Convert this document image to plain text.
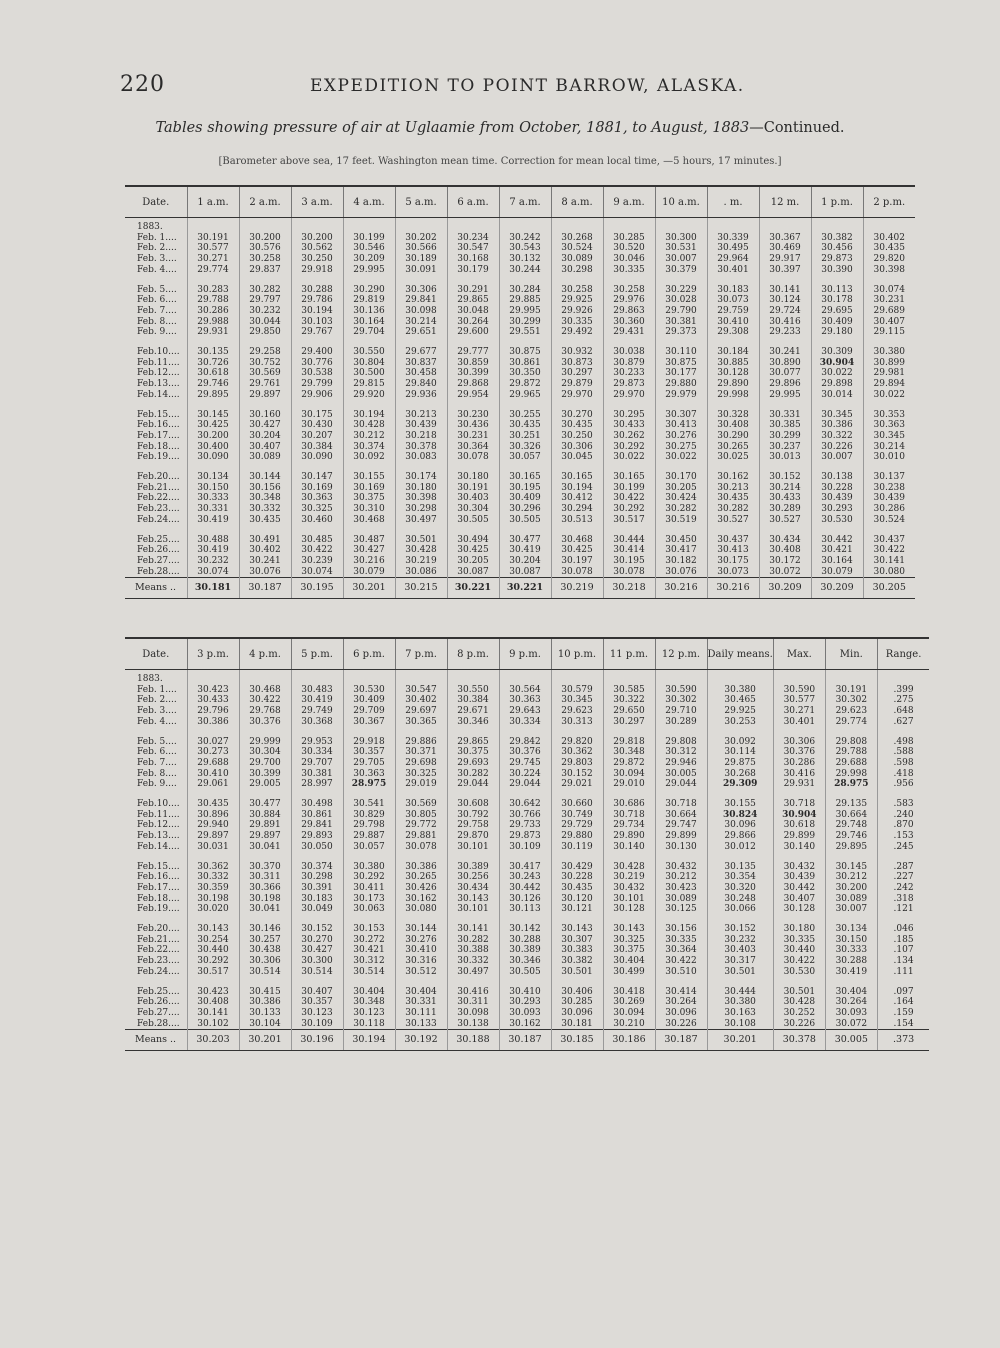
220	EXPEDITION TO POINT BARROW, ALASKA.
Tables showing pressure of air at Uglaamie from October, 1881, to August, 1883—Continued.
[Barometer above sea, 17 feet. Washington mean time. Correction for mean local time, —5 hours, 17 minutes.]
Date.	1 a.m.	2 a.m.	3 a.m.	4 a.m.	5 a.m.	6 a.m.	7 a.m.	8 a.m.	9 a.m.	10 a.m.	. m.	12 m.	1 p.m.	2 p.m.
1883.														
Feb. 1....	30.191	30.200	30.200	30.199	30.202	30.234	30.242	30.268	30.285	30.300	30.339	30.367	30.382	30.402
Feb. 2....	30.577	30.576	30.562	30.546	30.566	30.547	30.543	30.524	30.520	30.531	30.495	30.469	30.456	30.435
Feb. 3....	30.271	30.258	30.250	30.209	30.189	30.168	30.132	30.089	30.046	30.007	29.964	29.917	29.873	29.820
Feb. 4....	29.774	29.837	29.918	29.995	30.091	30.179	30.244	30.298	30.335	30.379	30.401	30.397	30.390	30.398

Feb. 5....	30.283	30.282	30.288	30.290	30.306	30.291	30.284	30.258	30.258	30.229	30.183	30.141	30.113	30.074
Feb. 6....	29.788	29.797	29.786	29.819	29.841	29.865	29.885	29.925	29.976	30.028	30.073	30.124	30.178	30.231
Feb. 7....	30.286	30.232	30.194	30.136	30.098	30.048	29.995	29.926	29.863	29.790	29.759	29.724	29.695	29.689
Feb. 8....	29.988	30.044	30.103	30.164	30.214	30.264	30.299	30.335	30.360	30.381	30.410	30.416	30.409	30.407
Feb. 9....	29.931	29.850	29.767	29.704	29.651	29.600	29.551	29.492	29.431	29.373	29.308	29.233	29.180	29.115

Feb.10....	30.135	29.258	29.400	30.550	29.677	29.777	30.875	30.932	30.038	30.110	30.184	30.241	30.309	30.380
Feb.11....	30.726	30.752	30.776	30.804	30.837	30.859	30.861	30.873	30.879	30.875	30.885	30.890	30.904	30.899
Feb.12....	30.618	30.569	30.538	30.500	30.458	30.399	30.350	30.297	30.233	30.177	30.128	30.077	30.022	29.981
Feb.13....	29.746	29.761	29.799	29.815	29.840	29.868	29.872	29.879	29.873	29.880	29.890	29.896	29.898	29.894
Feb.14....	29.895	29.897	29.906	29.920	29.936	29.954	29.965	29.970	29.970	29.979	29.998	29.995	30.014	30.022

Feb.15....	30.145	30.160	30.175	30.194	30.213	30.230	30.255	30.270	30.295	30.307	30.328	30.331	30.345	30.353
Feb.16....	30.425	30.427	30.430	30.428	30.439	30.436	30.435	30.435	30.433	30.413	30.408	30.385	30.386	30.363
Feb.17....	30.200	30.204	30.207	30.212	30.218	30.231	30.251	30.250	30.262	30.276	30.290	30.299	30.322	30.345
Feb.18....	30.400	30.407	30.384	30.374	30.378	30.364	30.326	30.306	30.292	30.275	30.265	30.237	30.226	30.214
Feb.19....	30.090	30.089	30.090	30.092	30.083	30.078	30.057	30.045	30.022	30.022	30.025	30.013	30.007	30.010

Feb.20....	30.134	30.144	30.147	30.155	30.174	30.180	30.165	30.165	30.165	30.170	30.162	30.152	30.138	30.137
Feb.21....	30.150	30.156	30.169	30.169	30.180	30.191	30.195	30.194	30.199	30.205	30.213	30.214	30.228	30.238
Feb.22....	30.333	30.348	30.363	30.375	30.398	30.403	30.409	30.412	30.422	30.424	30.435	30.433	30.439	30.439
Feb.23....	30.331	30.332	30.325	30.310	30.298	30.304	30.296	30.294	30.292	30.282	30.282	30.289	30.293	30.286
Feb.24....	30.419	30.435	30.460	30.468	30.497	30.505	30.505	30.513	30.517	30.519	30.527	30.527	30.530	30.524

Feb.25....	30.488	30.491	30.485	30.487	30.501	30.494	30.477	30.468	30.444	30.450	30.437	30.434	30.442	30.437
Feb.26....	30.419	30.402	30.422	30.427	30.428	30.425	30.419	30.425	30.414	30.417	30.413	30.408	30.421	30.422
Feb.27....	30.232	30.241	30.239	30.216	30.219	30.205	30.204	30.197	30.195	30.182	30.175	30.172	30.164	30.141
Feb.28....	30.074	30.076	30.074	30.079	30.086	30.087	30.087	30.078	30.078	30.076	30.073	30.072	30.079	30.080
Means ..	30.181	30.187	30.195	30.201	30.215	30.221	30.221	30.219	30.218	30.216	30.216	30.209	30.209	30.205
Date.	3 p.m.	4 p.m.	5 p.m.	6 p.m.	7 p.m.	8 p.m.	9 p.m.	10 p.m.	11 p.m.	12 p.m.	Daily means.	Max.	Min.	Range.
1883.														
Feb. 1....	30.423	30.468	30.483	30.530	30.547	30.550	30.564	30.579	30.585	30.590	30.380	30.590	30.191	.399
Feb. 2....	30.433	30.422	30.419	30.409	30.402	30.384	30.363	30.345	30.322	30.302	30.465	30.577	30.302	.275
Feb. 3....	29.796	29.768	29.749	29.709	29.697	29.671	29.643	29.623	29.650	29.710	29.925	30.271	29.623	.648
Feb. 4....	30.386	30.376	30.368	30.367	30.365	30.346	30.334	30.313	30.297	30.289	30.253	30.401	29.774	.627

Feb. 5....	30.027	29.999	29.953	29.918	29.886	29.865	29.842	29.820	29.818	29.808	30.092	30.306	29.808	.498
Feb. 6....	30.273	30.304	30.334	30.357	30.371	30.375	30.376	30.362	30.348	30.312	30.114	30.376	29.788	.588
Feb. 7....	29.688	29.700	29.707	29.705	29.698	29.693	29.745	29.803	29.872	29.946	29.875	30.286	29.688	.598
Feb. 8....	30.410	30.399	30.381	30.363	30.325	30.282	30.224	30.152	30.094	30.005	30.268	30.416	29.998	.418
Feb. 9....	29.061	29.005	28.997	28.975	29.019	29.044	29.044	29.021	29.010	29.044	29.309	29.931	28.975	.956

Feb.10....	30.435	30.477	30.498	30.541	30.569	30.608	30.642	30.660	30.686	30.718	30.155	30.718	29.135	.583
Feb.11....	30.896	30.884	30.861	30.829	30.805	30.792	30.766	30.749	30.718	30.664	30.824	30.904	30.664	.240
Feb.12....	29.940	29.891	29.841	29.798	29.772	29.758	29.733	29.729	29.734	29.747	30.096	30.618	29.748	.870
Feb.13....	29.897	29.897	29.893	29.887	29.881	29.870	29.873	29.880	29.890	29.899	29.866	29.899	29.746	.153
Feb.14....	30.031	30.041	30.050	30.057	30.078	30.101	30.109	30.119	30.140	30.130	30.012	30.140	29.895	.245

Feb.15....	30.362	30.370	30.374	30.380	30.386	30.389	30.417	30.429	30.428	30.432	30.135	30.432	30.145	.287
Feb.16....	30.332	30.311	30.298	30.292	30.265	30.256	30.243	30.228	30.219	30.212	30.354	30.439	30.212	.227
Feb.17....	30.359	30.366	30.391	30.411	30.426	30.434	30.442	30.435	30.432	30.423	30.320	30.442	30.200	.242
Feb.18....	30.198	30.198	30.183	30.173	30.162	30.143	30.126	30.120	30.101	30.089	30.248	30.407	30.089	.318
Feb.19....	30.020	30.041	30.049	30.063	30.080	30.101	30.113	30.121	30.128	30.125	30.066	30.128	30.007	.121

Feb.20....	30.143	30.146	30.152	30.153	30.144	30.141	30.142	30.143	30.143	30.156	30.152	30.180	30.134	.046
Feb.21....	30.254	30.257	30.270	30.272	30.276	30.282	30.288	30.307	30.325	30.335	30.232	30.335	30.150	.185
Feb.22....	30.440	30.438	30.427	30.421	30.410	30.388	30.389	30.383	30.375	30.364	30.403	30.440	30.333	.107
Feb.23....	30.292	30.306	30.300	30.312	30.316	30.332	30.346	30.382	30.404	30.422	30.317	30.422	30.288	.134
Feb.24....	30.517	30.514	30.514	30.514	30.512	30.497	30.505	30.501	30.499	30.510	30.501	30.530	30.419	.111

Feb.25....	30.423	30.415	30.407	30.404	30.404	30.416	30.410	30.406	30.418	30.414	30.444	30.501	30.404	.097
Feb.26....	30.408	30.386	30.357	30.348	30.331	30.311	30.293	30.285	30.269	30.264	30.380	30.428	30.264	.164
Feb.27....	30.141	30.133	30.123	30.123	30.111	30.098	30.093	30.096	30.094	30.096	30.163	30.252	30.093	.159
Feb.28....	30.102	30.104	30.109	30.118	30.133	30.138	30.162	30.181	30.210	30.226	30.108	30.226	30.072	.154
Means ..	30.203	30.201	30.196	30.194	30.192	30.188	30.187	30.185	30.186	30.187	30.201	30.378	30.005	.373
